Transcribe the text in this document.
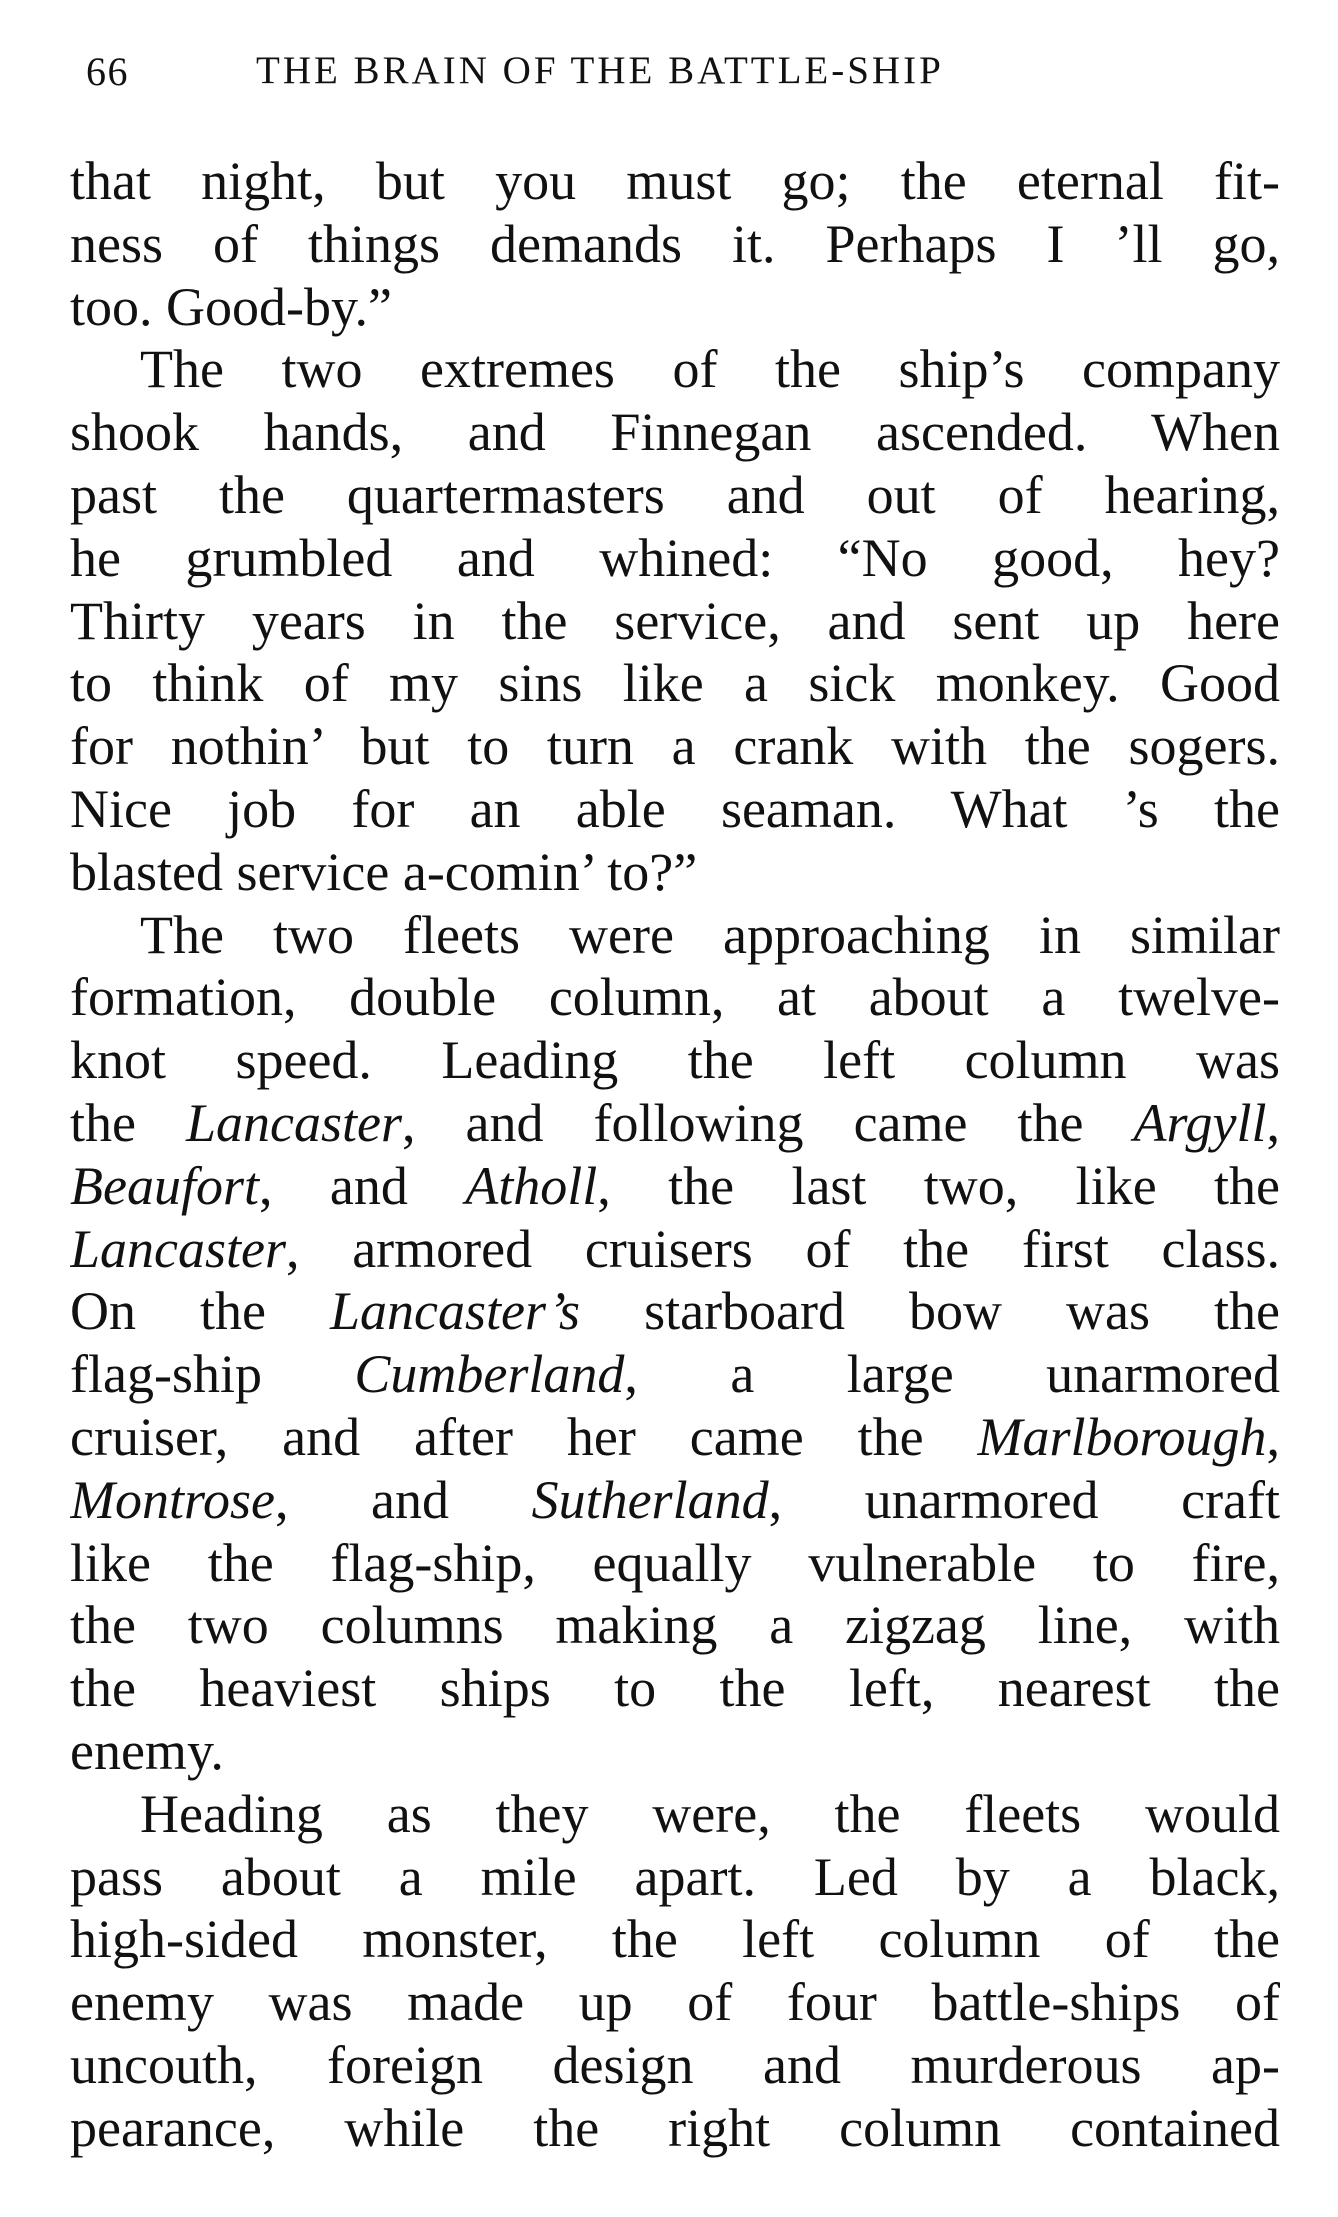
66	THE BRAIN OF THE BATTLE-SHIP
that night, but you must go; the eternal fit-
ness of things demands it. Perhaps I ’ll go,
too. Good-by.”
The two extremes of the ship’s company
shook hands, and Finnegan ascended. When
past the quartermasters and out of hearing,
he grumbled and whined: “No good, hey?
Thirty years in the service, and sent up here
to think of my sins like a sick monkey. Good
for nothin’ but to turn a crank with the sogers.
Nice job for an able seaman. What ’s the
blasted service a-comin’ to?”
The two fleets were approaching in similar
formation, double column, at about a twelve-
knot speed. Leading the left column was
the Lancaster, and following came the Argyll,
Beaufort, and Atholl, the last two, like the
Lancaster, armored cruisers of the first class.
On the Lancaster’s starboard bow was the
flag-ship Cumberland, a large unarmored
cruiser, and after her came the Marlborough,
Montrose, and Sutherland, unarmored craft
like the flag-ship, equally vulnerable to fire,
the two columns making a zigzag line, with
the heaviest ships to the left, nearest the
enemy.
Heading as they were, the fleets would
pass about a mile apart. Led by a black,
high-sided monster, the left column of the
enemy was made up of four battle-ships of
uncouth, foreign design and murderous ap-
pearance, while the right column contained
